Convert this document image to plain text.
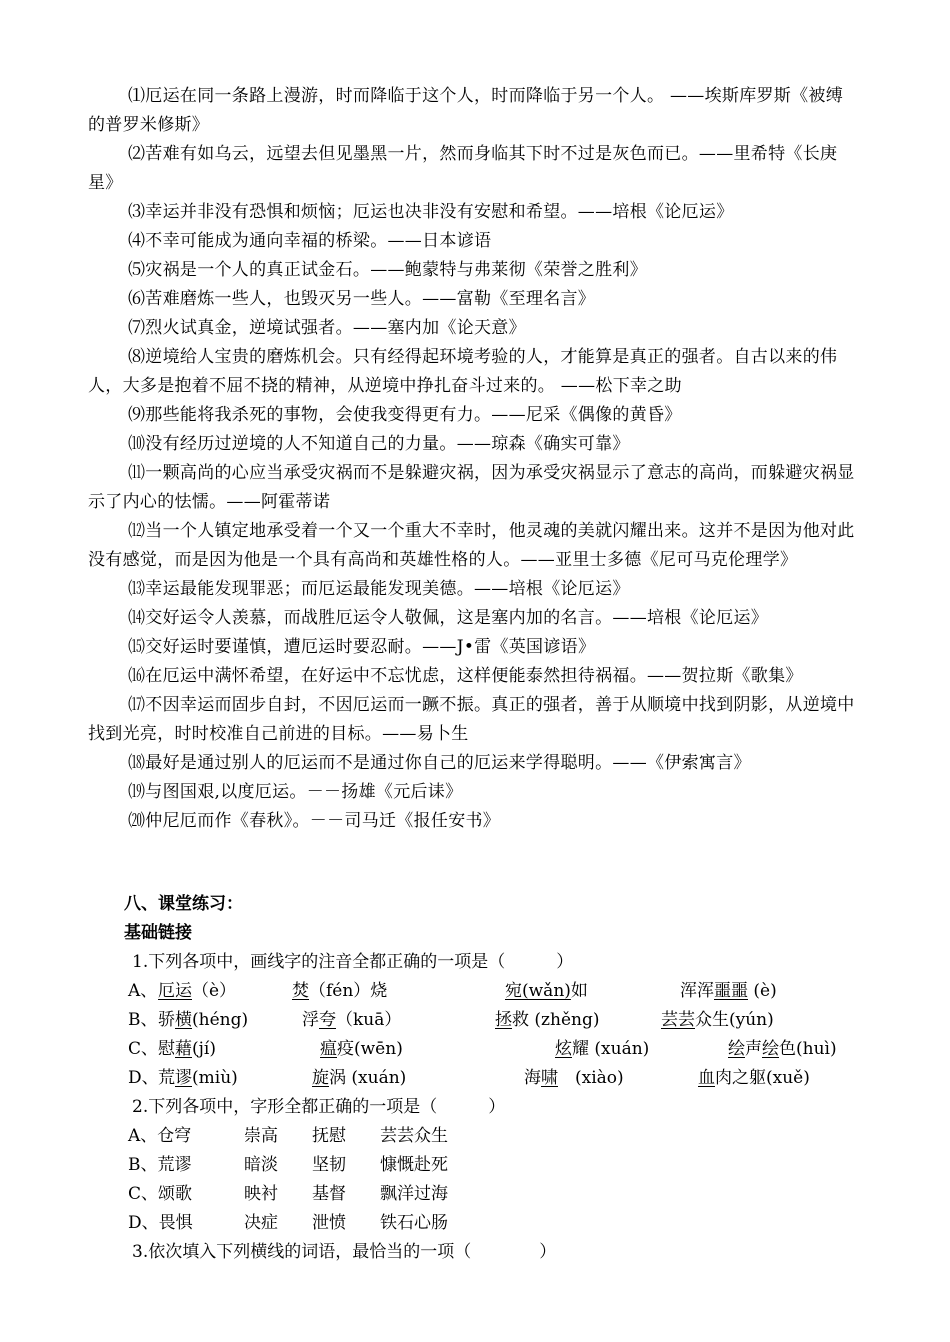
⑴厄运在同一条路上漫游，时而降临于这个人，时而降临于另一个人。 ——埃斯库罗斯《被缚的普罗米修斯》

⑵苦难有如乌云，远望去但见墨黑一片，然而身临其下时不过是灰色而已。——里希特《长庚星》

⑶幸运并非没有恐惧和烦恼；厄运也决非没有安慰和希望。——培根《论厄运》

⑷不幸可能成为通向幸福的桥梁。——日本谚语

⑸灾祸是一个人的真正试金石。——鲍蒙特与弗莱彻《荣誉之胜利》

⑹苦难磨炼一些人，也毁灭另一些人。——富勒《至理名言》

⑺烈火试真金，逆境试强者。——塞内加《论天意》

⑻逆境给人宝贵的磨炼机会。只有经得起环境考验的人，才能算是真正的强者。自古以来的伟人，大多是抱着不屈不挠的精神，从逆境中挣扎奋斗过来的。 ——松下幸之助

⑼那些能将我杀死的事物，会使我变得更有力。——尼采《偶像的黄昏》

⑽没有经历过逆境的人不知道自己的力量。——琼森《确实可靠》

⑾一颗高尚的心应当承受灾祸而不是躲避灾祸，因为承受灾祸显示了意志的高尚，而躲避灾祸显示了内心的怯懦。——阿霍蒂诺

⑿当一个人镇定地承受着一个又一个重大不幸时，他灵魂的美就闪耀出来。这并不是因为他对此没有感觉，而是因为他是一个具有高尚和英雄性格的人。——亚里士多德《尼可马克伦理学》

⒀幸运最能发现罪恶；而厄运最能发现美德。——培根《论厄运》

⒁交好运令人羡慕，而战胜厄运令人敬佩，这是塞内加的名言。——培根《论厄运》

⒂交好运时要谨慎，遭厄运时要忍耐。——J•雷《英国谚语》

⒃在厄运中满怀希望，在好运中不忘忧虑，这样便能泰然担待祸福。——贺拉斯《歌集》

⒄不因幸运而固步自封，不因厄运而一蹶不振。真正的强者，善于从顺境中找到阴影，从逆境中找到光亮，时时校准自己前进的目标。——易卜生

⒅最好是通过别人的厄运而不是通过你自己的厄运来学得聪明。——《伊索寓言》

⒆与图国艰,以度厄运。－－扬雄《元后诔》

⒇仲尼厄而作《春秋》。－－司马迁《报任安书》

八、课堂练习：
基础链接
1.下列各项中，画线字的注音全都正确的一项是（　　　）
A、 厄运（è）	焚（fén）烧	宛(wǎn)如	浑浑噩噩 (è)
B、 骄横(héng)	浮夸（kuā）	拯救 (zhěng)	芸芸众生(yún)
C、 慰藉(jí)	瘟疫(wēn)	炫耀 (xuán)	绘声绘色(huì)
D、 荒谬(miù)	旋涡 (xuán)	海啸　(xiào)	血肉之躯(xuě)
2.下列各项中，字形全都正确的一项是（　　　）
A、仓穹	崇高 抚慰 芸芸众生
B、荒谬	暗淡 坚韧 慷慨赴死
C、颂歌	映衬 基督 飘洋过海
D、畏惧	决症 泄愤 铁石心肠
3.依次填入下列横线的词语，最恰当的一项（　　　　）
